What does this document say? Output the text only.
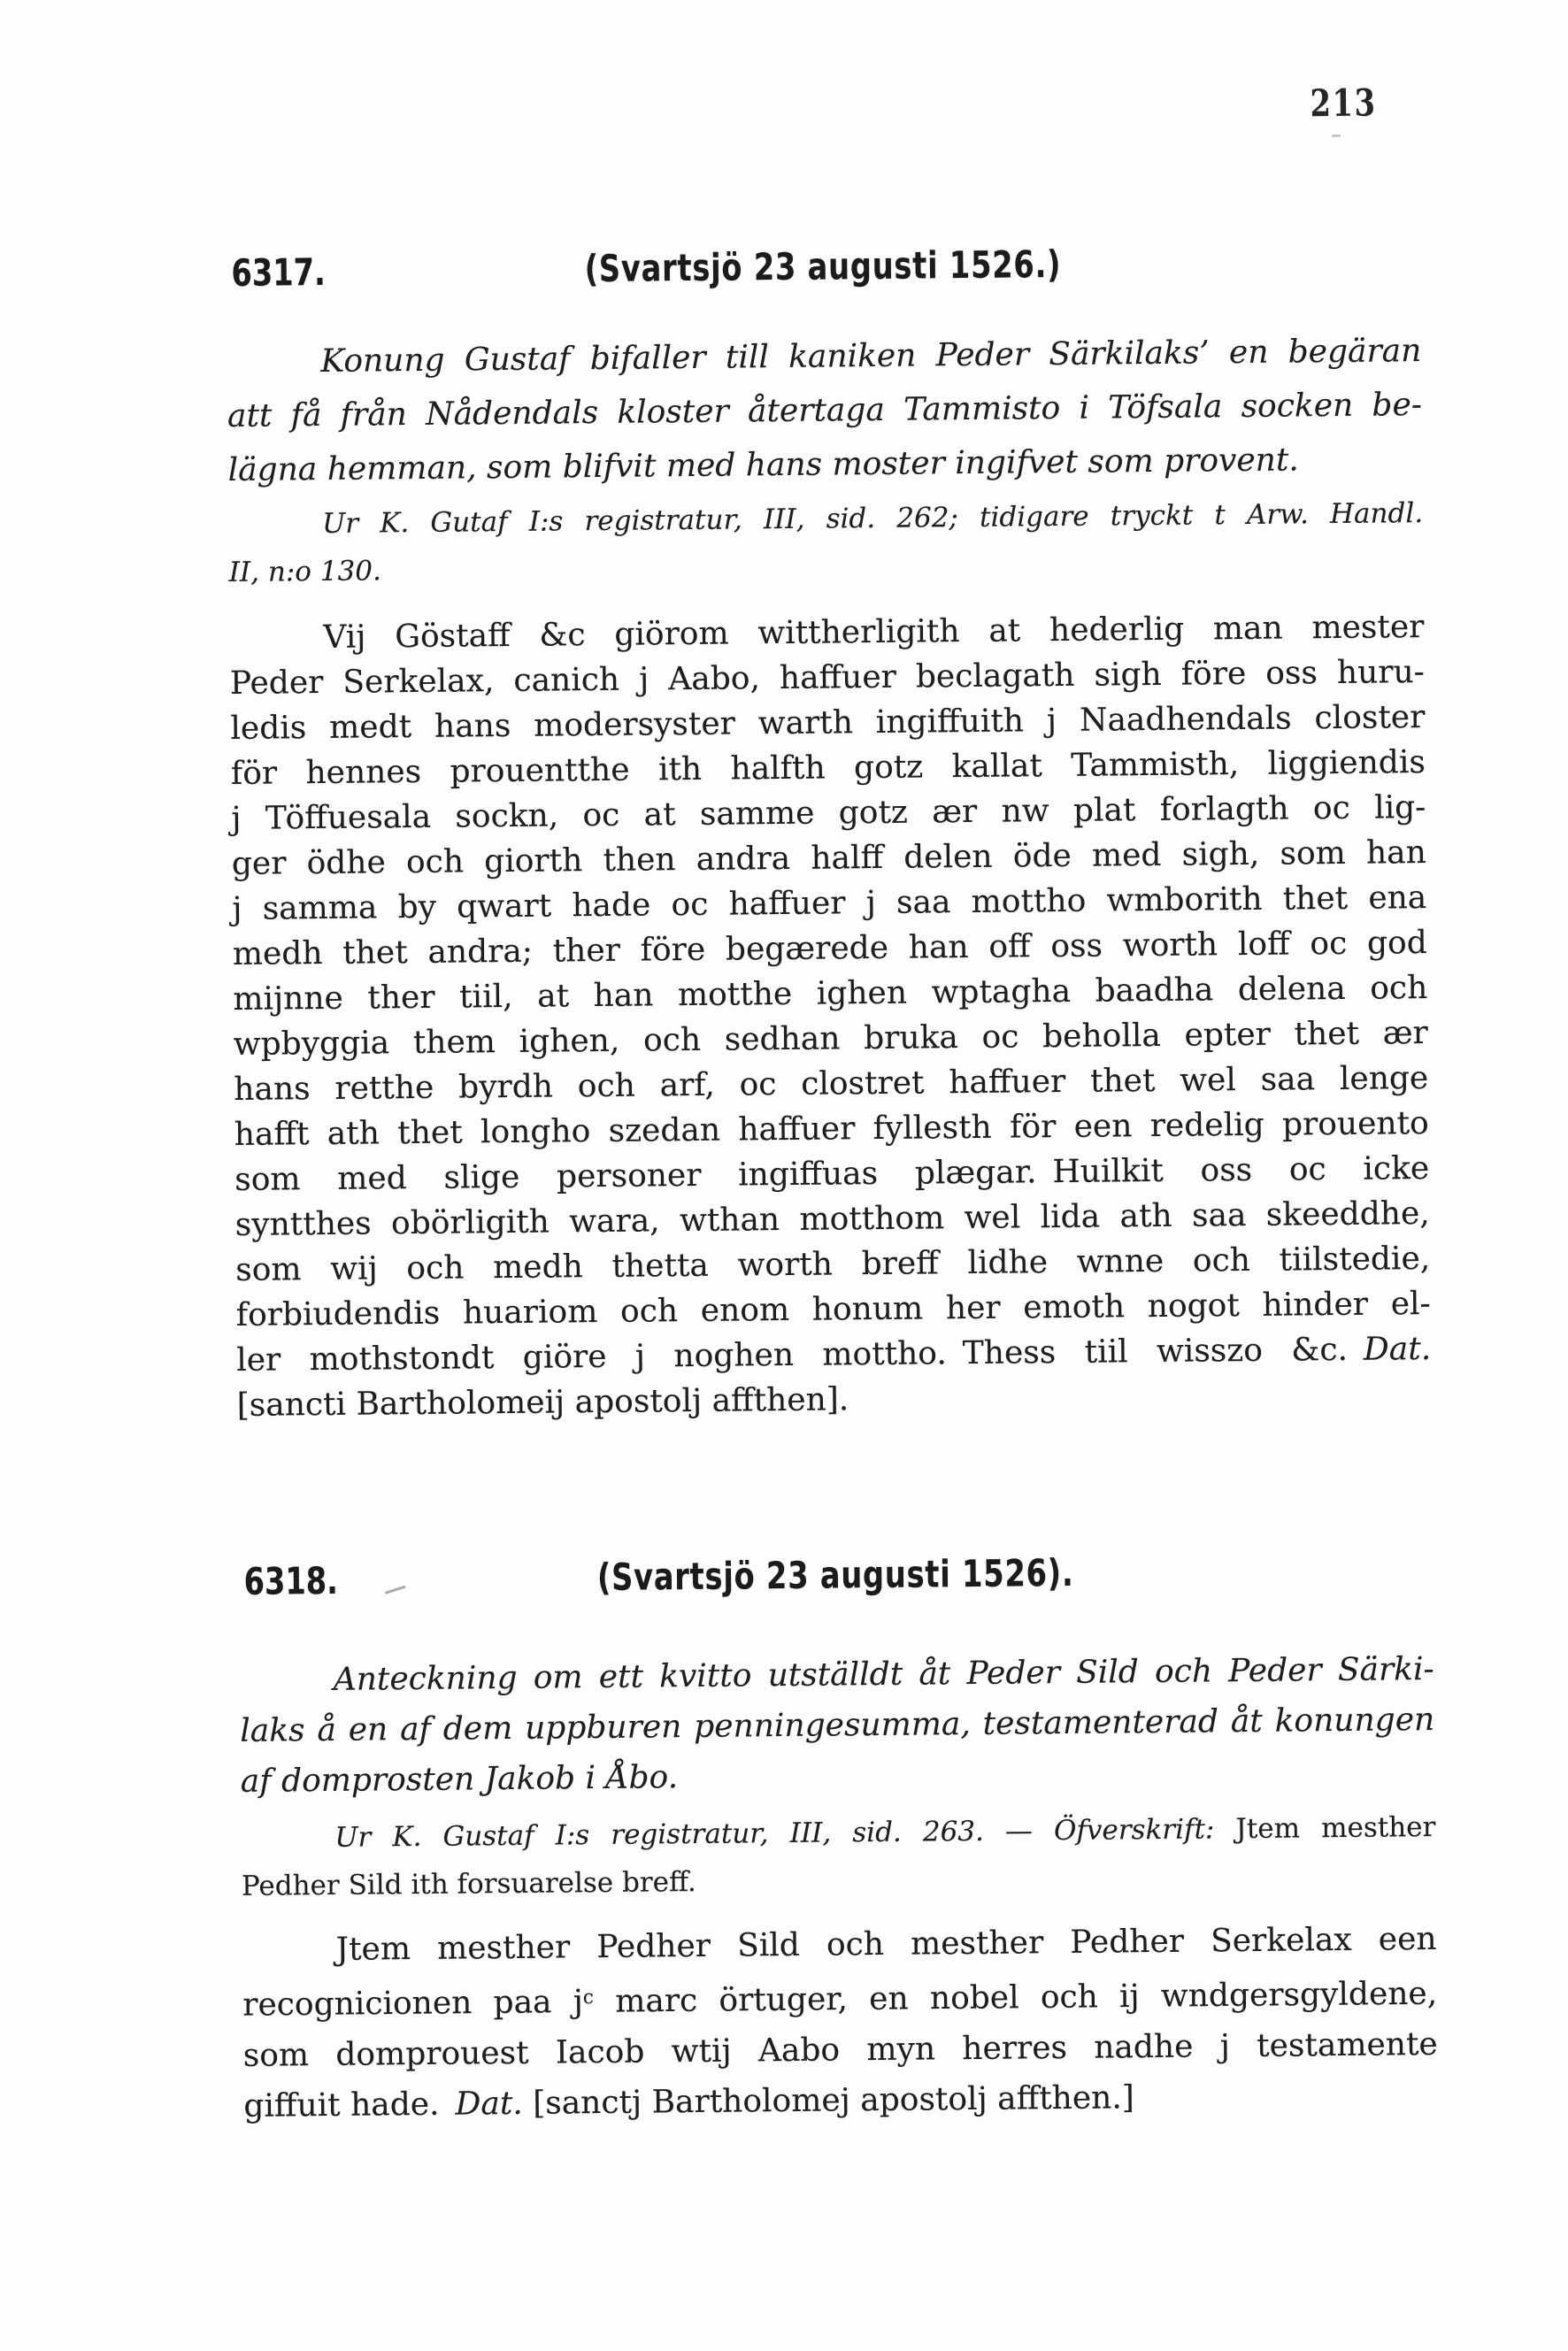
213
6317.	(Svartsjö 23 augusti 1526.)
Konung Gustaf bifaller till kaniken Peder Särkilaks’ en begäran
att få från Nådendals kloster återtaga Tammisto i Töfsala socken be-
lägna hemman, som blifvit med hans moster ingifvet som provent.
Ur K. Gutaf I:s registratur, III, sid. 262; tidigare tryckt t Arw. Handl.
II, n:o 130.
Vij Göstaff &c giörom wittherligith at hederlig man mester
Peder Serkelax, canich j Aabo, haffuer beclagath sigh före oss huru-
ledis medt hans modersyster warth ingiffuith j Naadhendals closter
för hennes prouentthe ith halfth gotz kallat Tammisth, liggiendis
j Töffuesala sockn, oc at samme gotz ær nw plat forlagth oc lig-
ger ödhe och giorth then andra halff delen öde med sigh, som han
j samma by qwart hade oc haffuer j saa mottho wmborith thet ena
medh thet andra; ther före begærede han off oss worth loff oc god
mijnne ther tiil, at han motthe ighen wptagha baadha delena och
wpbyggia them ighen, och sedhan bruka oc beholla epter thet ær
hans retthe byrdh och arf, oc clostret haffuer thet wel saa lenge
hafft ath thet longho szedan haffuer fyllesth för een redelig prouento
som med slige personer ingiffuas plægar. Huilkit oss oc icke
syntthes obörligith wara, wthan motthom wel lida ath saa skeeddhe,
som wij och medh thetta worth breff lidhe wnne och tiilstedie,
forbiudendis huariom och enom honum her emoth nogot hinder el-
ler mothstondt giöre j noghen mottho. Thess tiil wisszo &c. Dat.
[sancti Bartholomeij apostolj affthen].
6318.	(Svartsjö 23 augusti 1526).
Anteckning om ett kvitto utställdt åt Peder Sild och Peder Särki-
laks å en af dem uppburen penningesumma, testamenterad åt konungen
af domprosten Jakob i Åbo.
Ur K. Gustaf I:s registratur, III, sid. 263. — Öfverskrift: Jtem mesther
Pedher Sild ith forsuarelse breff.
Jtem mesther Pedher Sild och mesther Pedher Serkelax een
recognicionen paa $j^c$ marc örtuger, en nobel och ij wndgersgyldene,
som domprouest Iacob wtij Aabo myn herres nadhe j testamente
giffuit hade. Dat. [sanctj Bartholomej apostolj affthen.]
